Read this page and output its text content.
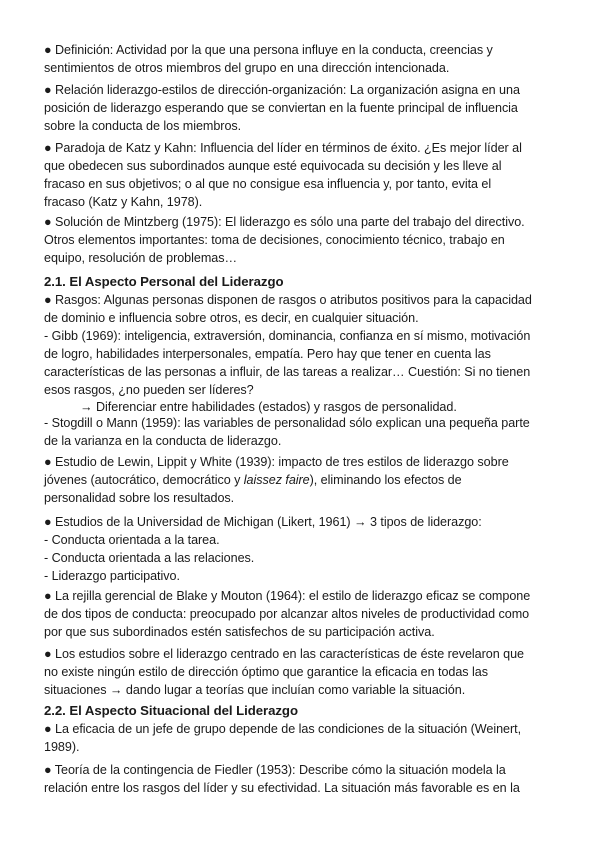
● Definición: Actividad por la que una persona influye en la conducta, creencias y
sentimientos de otros miembros del grupo en una dirección intencionada.
● Relación liderazgo-estilos de dirección-organización: La organización asigna en una
posición de liderazgo esperando que se conviertan en la fuente principal de influencia
sobre la conducta de los miembros.
● Paradoja de Katz y Kahn: Influencia del líder en términos de éxito. ¿Es mejor líder al
que obedecen sus subordinados aunque esté equivocada su decisión y les lleve al
fracaso en sus objetivos; o al que no consigue esa influencia y, por tanto, evita el
fracaso (Katz y Kahn, 1978).
● Solución de Mintzberg (1975): El liderazgo es sólo una parte del trabajo del directivo.
Otros elementos importantes: toma de decisiones, conocimiento técnico, trabajo en
equipo, resolución de problemas…
2.1. El Aspecto Personal del Liderazgo
● Rasgos: Algunas personas disponen de rasgos o atributos positivos para la capacidad
de dominio e influencia sobre otros, es decir, en cualquier situación.
- Gibb (1969): inteligencia, extraversión, dominancia, confianza en sí mismo, motivación
de logro, habilidades interpersonales, empatía. Pero hay que tener en cuenta las
características de las personas a influir, de las tareas a realizar… Cuestión: Si no tienen
esos rasgos, ¿no pueden ser líderes?
→ Diferenciar entre habilidades (estados) y rasgos de personalidad.
- Stogdill o Mann (1959): las variables de personalidad sólo explican una pequeña parte
de la varianza en la conducta de liderazgo.
● Estudio de Lewin, Lippit y White (1939): impacto de tres estilos de liderazgo sobre
jóvenes (autocrático, democrático y laissez faire), eliminando los efectos de
personalidad sobre los resultados.
● Estudios de la Universidad de Michigan (Likert, 1961) → 3 tipos de liderazgo:
- Conducta orientada a la tarea.
- Conducta orientada a las relaciones.
- Liderazgo participativo.
● La rejilla gerencial de Blake y Mouton (1964): el estilo de liderazgo eficaz se compone
de dos tipos de conducta: preocupado por alcanzar altos niveles de productividad como
por que sus subordinados estén satisfechos de su participación activa.
● Los estudios sobre el liderazgo centrado en las características de éste revelaron que
no existe ningún estilo de dirección óptimo que garantice la eficacia en todas las
situaciones → dando lugar a teorías que incluían como variable la situación.
2.2. El Aspecto Situacional del Liderazgo
● La eficacia de un jefe de grupo depende de las condiciones de la situación (Weinert,
1989).
● Teoría de la contingencia de Fiedler (1953): Describe cómo la situación modela la
relación entre los rasgos del líder y su efectividad. La situación más favorable es en la
